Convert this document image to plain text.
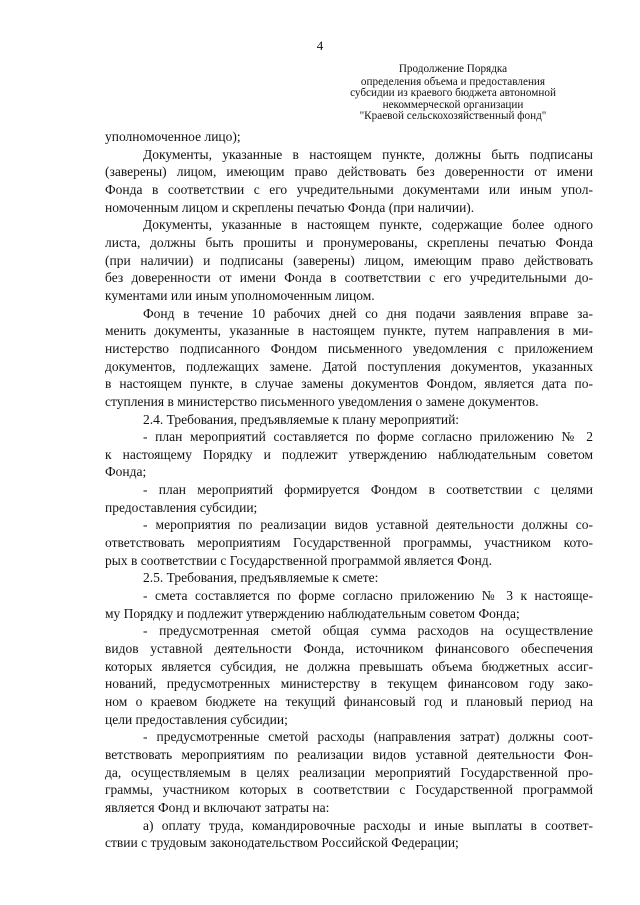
4
Продолжение Порядка
определения объема и предоставления
субсидии из краевого бюджета автономной
некоммерческой организации
"Краевой сельскохозяйственный фонд"
уполномоченное лицо);
Документы, указанные в настоящем пункте, должны быть подписаны
(заверены) лицом, имеющим право действовать без доверенности от имени
Фонда в соответствии с его учредительными документами или иным упол-
номоченным лицом и скреплены печатью Фонда (при наличии).
Документы, указанные в настоящем пункте, содержащие более одного
листа, должны быть прошиты и пронумерованы, скреплены печатью Фонда
(при наличии) и подписаны (заверены) лицом, имеющим право действовать
без доверенности от имени Фонда в соответствии с его учредительными до-
кументами или иным уполномоченным лицом.
Фонд в течение 10 рабочих дней со дня подачи заявления вправе за-
менить документы, указанные в настоящем пункте, путем направления в ми-
нистерство подписанного Фондом письменного уведомления с приложением
документов, подлежащих замене. Датой поступления документов, указанных
в настоящем пункте, в случае замены документов Фондом, является дата по-
ступления в министерство письменного уведомления о замене документов.
2.4. Требования, предъявляемые к плану мероприятий:
- план мероприятий составляется по форме согласно приложению № 2
к настоящему Порядку и подлежит утверждению наблюдательным советом
Фонда;
- план мероприятий формируется Фондом в соответствии с целями
предоставления субсидии;
- мероприятия по реализации видов уставной деятельности должны со-
ответствовать мероприятиям Государственной программы, участником кото-
рых в соответствии с Государственной программой является Фонд.
2.5. Требования, предъявляемые к смете:
- смета составляется по форме согласно приложению № 3 к настояще-
му Порядку и подлежит утверждению наблюдательным советом Фонда;
- предусмотренная сметой общая сумма расходов на осуществление
видов уставной деятельности Фонда, источником финансового обеспечения
которых является субсидия, не должна превышать объема бюджетных ассиг-
нований, предусмотренных министерству в текущем финансовом году зако-
ном о краевом бюджете на текущий финансовый год и плановый период на
цели предоставления субсидии;
- предусмотренные сметой расходы (направления затрат) должны соот-
ветствовать мероприятиям по реализации видов уставной деятельности Фон-
да, осуществляемым в целях реализации мероприятий Государственной про-
граммы, участником которых в соответствии с Государственной программой
является Фонд и включают затраты на:
а) оплату труда, командировочные расходы и иные выплаты в соответ-
ствии с трудовым законодательством Российской Федерации;
